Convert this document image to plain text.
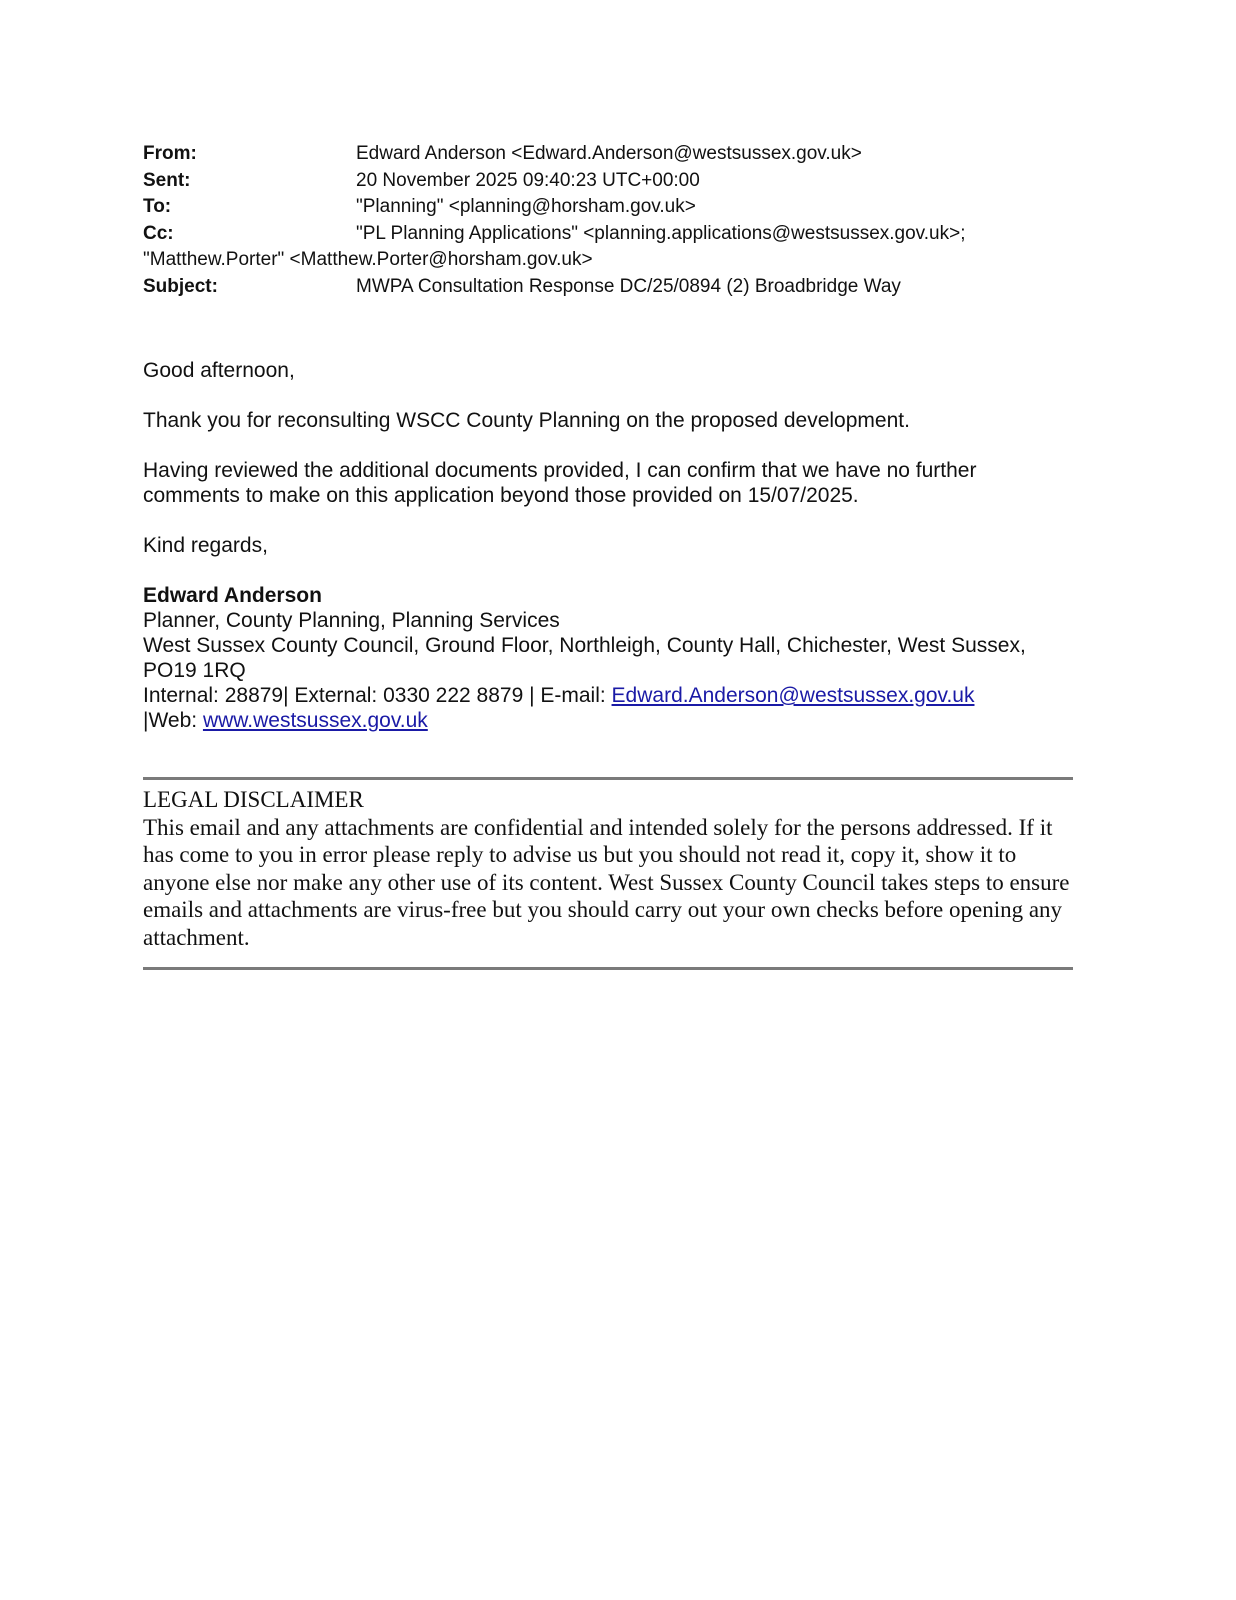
From:	Edward Anderson <Edward.Anderson@westsussex.gov.uk>
Sent:	20 November 2025 09:40:23 UTC+00:00
To:	"Planning" <planning@horsham.gov.uk>
Cc:	"PL Planning Applications" <planning.applications@westsussex.gov.uk>;
"Matthew.Porter" <Matthew.Porter@horsham.gov.uk>
Subject:	MWPA Consultation Response DC/25/0894 (2) Broadbridge Way

Good afternoon,

Thank you for reconsulting WSCC County Planning on the proposed development.

Having reviewed the additional documents provided, I can confirm that we have no further comments to make on this application beyond those provided on 15/07/2025.

Kind regards,

Edward Anderson
Planner, County Planning, Planning Services
West Sussex County Council, Ground Floor, Northleigh, County Hall, Chichester, West Sussex, PO19 1RQ
Internal: 28879| External: 0330 222 8879 | E-mail: Edward.Anderson@westsussex.gov.uk
|Web: www.westsussex.gov.uk
LEGAL DISCLAIMER
This email and any attachments are confidential and intended solely for the persons addressed. If it has come to you in error please reply to advise us but you should not read it, copy it, show it to anyone else nor make any other use of its content. West Sussex County Council takes steps to ensure emails and attachments are virus-free but you should carry out your own checks before opening any attachment.
